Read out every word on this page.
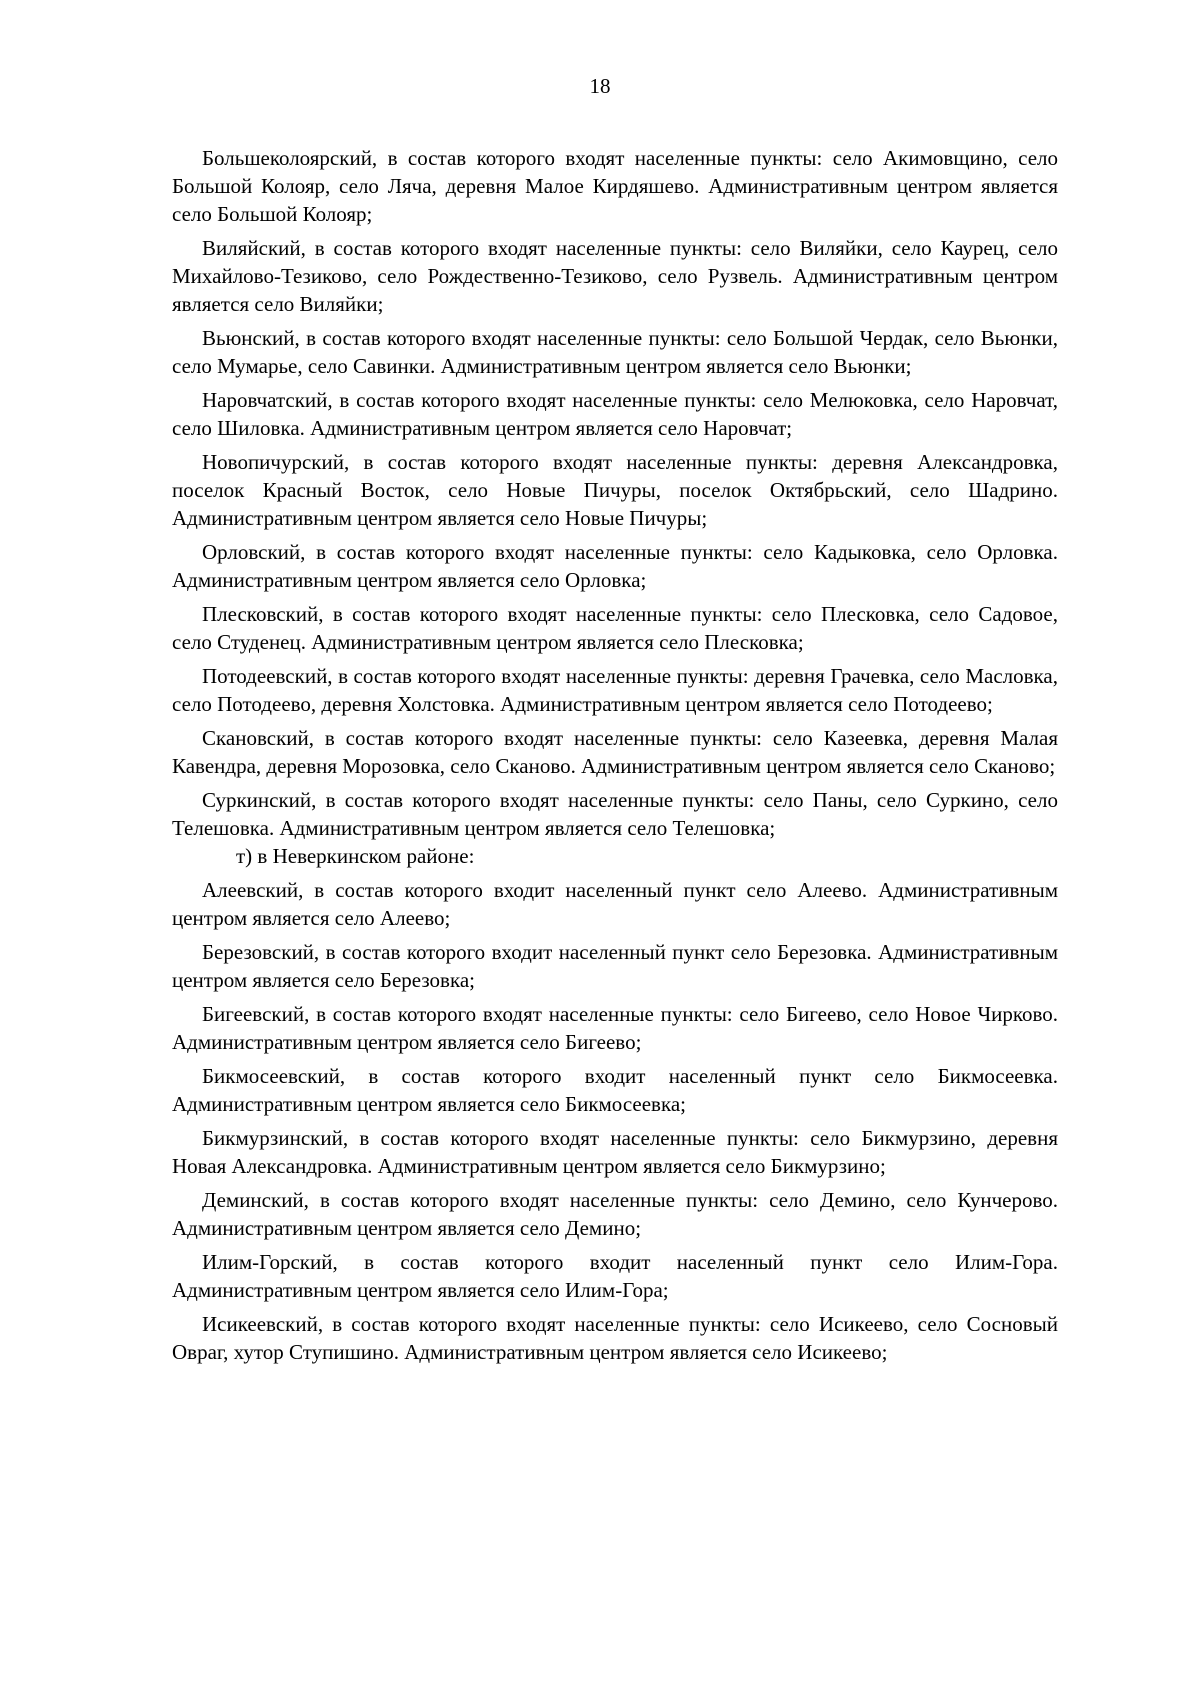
18

Большеколоярский, в состав которого входят населенные пункты: село Акимовщино, село Большой Колояр, село Ляча, деревня Малое Кирдяшево. Административным центром является село Большой Колояр;

Виляйский, в состав которого входят населенные пункты: село Виляйки, село Каурец, село Михайлово-Тезиково, село Рождественно-Тезиково, село Рузвель. Административным центром является село Виляйки;

Вьюнский, в состав которого входят населенные пункты: село Большой Чердак, село Вьюнки, село Мумарье, село Савинки. Административным центром является село Вьюнки;

Наровчатский, в состав которого входят населенные пункты: село Мелюковка, село Наровчат, село Шиловка. Административным центром является село Наровчат;

Новопичурский, в состав которого входят населенные пункты: деревня Александровка, поселок Красный Восток, село Новые Пичуры, поселок Октябрьский, село Шадрино. Административным центром является село Новые Пичуры;

Орловский, в состав которого входят населенные пункты: село Кадыковка, село Орловка. Административным центром является село Орловка;

Плесковский, в состав которого входят населенные пункты: село Плесковка, село Садовое, село Студенец. Административным центром является село Плесковка;

Потодеевский, в состав которого входят населенные пункты: деревня Грачевка, село Масловка, село Потодеево, деревня Холстовка. Административным центром является село Потодеево;

Скановский, в состав которого входят населенные пункты: село Казеевка, деревня Малая Кавендра, деревня Морозовка, село Сканово. Административным центром является село Сканово;

Суркинский, в состав которого входят населенные пункты: село Паны, село Суркино, село Телешовка. Административным центром является село Телешовка;

т) в Неверкинском районе:

Алеевский, в состав которого входит населенный пункт село Алеево. Административным центром является село Алеево;

Березовский, в состав которого входит населенный пункт село Березовка. Административным центром является село Березовка;

Бигеевский, в состав которого входят населенные пункты: село Бигеево, село Новое Чирково. Административным центром является село Бигеево;

Бикмосеевский, в состав которого входит населенный пункт село Бикмосеевка. Административным центром является село Бикмосеевка;

Бикмурзинский, в состав которого входят населенные пункты: село Бикмурзино, деревня Новая Александровка. Административным центром является село Бикмурзино;

Деминский, в состав которого входят населенные пункты: село Демино, село Кунчерово. Административным центром является село Демино;

Илим-Горский, в состав которого входит населенный пункт село Илим-Гора. Административным центром является село Илим-Гора;

Исикеевский, в состав которого входят населенные пункты: село Исикеево, село Сосновый Овраг, хутор Ступишино. Административным центром является село Исикеево;
